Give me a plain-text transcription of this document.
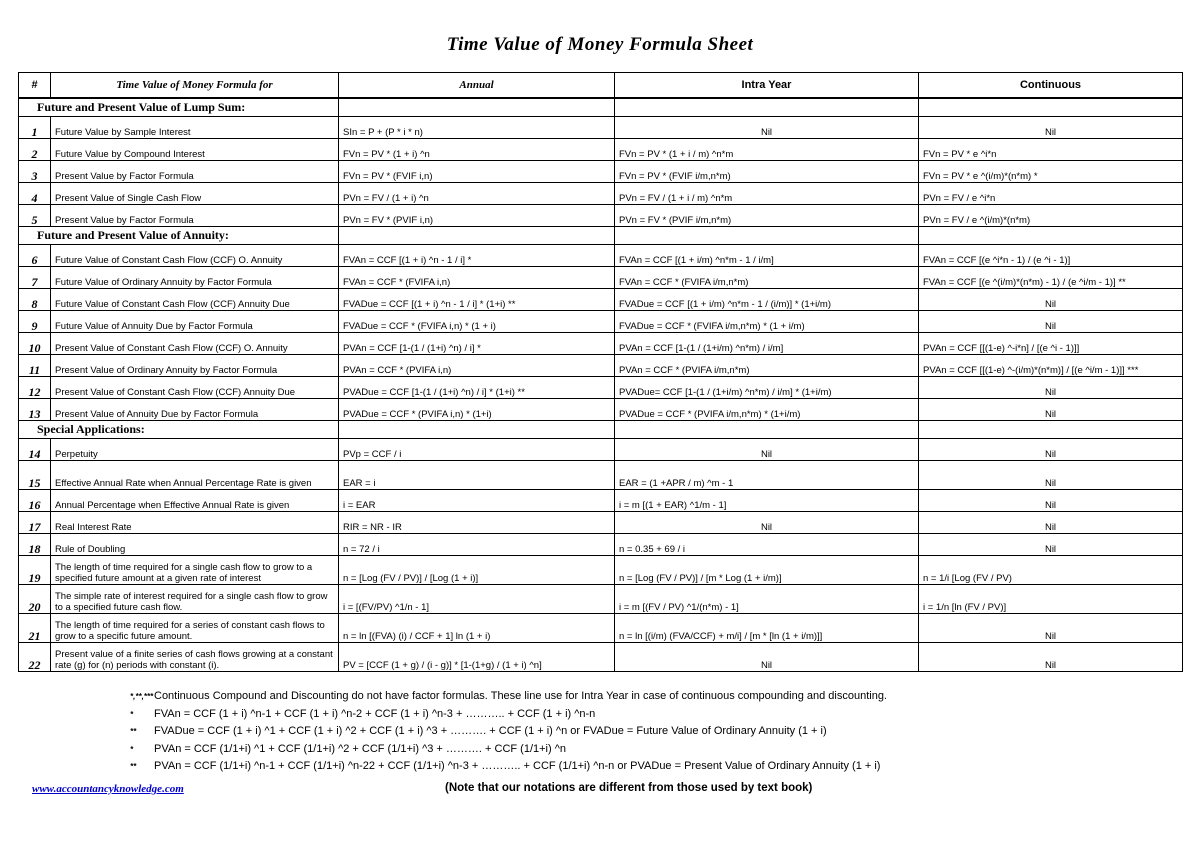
Time Value of Money Formula Sheet
#	Time Value of Money Formula for	Annual	Intra Year	Continuous
Future and Present Value of Lump Sum:				
1	Future Value by Sample Interest	SIn = P + (P * i * n)	Nil	Nil
2	Future Value by Compound Interest	FVn = PV * (1 + i) ^n	FVn = PV * (1 + i / m) ^n*m	FVn = PV * e ^i*n
3	Present Value by Factor Formula	FVn = PV * (FVIF i,n)	FVn = PV * (FVIF i/m,n*m)	FVn = PV * e ^(i/m)*(n*m) *
4	Present Value of Single Cash Flow	PVn = FV / (1 + i) ^n	PVn = FV / (1 + i / m) ^n*m	PVn = FV / e ^i*n
5	Present Value by Factor Formula	PVn = FV * (PVIF i,n)	PVn = FV * (PVIF i/m,n*m)	PVn = FV / e ^(i/m)*(n*m)
Future and Present Value of Annuity:				
6	Future Value of Constant Cash Flow (CCF) O. Annuity	FVAn = CCF [(1 + i) ^n - 1 / i] *	FVAn = CCF [(1 + i/m) ^n*m - 1 / i/m]	FVAn = CCF [(e ^i*n - 1) / (e ^i - 1)]
7	Future Value of Ordinary Annuity by Factor Formula	FVAn = CCF * (FVIFA i,n)	FVAn = CCF * (FVIFA i/m,n*m)	FVAn = CCF [(e ^(i/m)*(n*m) - 1) / (e ^i/m - 1)] **
8	Future Value of Constant Cash Flow (CCF) Annuity Due	FVADue = CCF [(1 + i) ^n - 1 / i] * (1+i) **	FVADue = CCF [(1 + i/m) ^n*m - 1 / (i/m)] * (1+i/m)	Nil
9	Future Value of Annuity Due by Factor Formula	FVADue = CCF * (FVIFA i,n) * (1 + i)	FVADue = CCF * (FVIFA i/m,n*m) * (1 + i/m)	Nil
10	Present Value of Constant Cash Flow (CCF) O. Annuity	PVAn = CCF [1-(1 / (1+i) ^n) / i] *	PVAn = CCF [1-(1 / (1+i/m) ^n*m) / i/m]	PVAn = CCF [[(1-e) ^-i*n] / [(e ^i - 1)]]
11	Present Value of Ordinary Annuity by Factor Formula	PVAn = CCF * (PVIFA i,n)	PVAn = CCF * (PVIFA i/m,n*m)	PVAn = CCF [[(1-e) ^-(i/m)*(n*m)] / [(e ^i/m - 1)]] ***
12	Present Value of Constant Cash Flow (CCF) Annuity Due	PVADue = CCF [1-(1 / (1+i) ^n) / i] * (1+i) **	PVADue= CCF [1-(1 / (1+i/m) ^n*m) / i/m] * (1+i/m)	Nil
13	Present Value of Annuity Due by Factor Formula	PVADue = CCF * (PVIFA i,n) * (1+i)	PVADue = CCF * (PVIFA i/m,n*m) * (1+i/m)	Nil
Special Applications:				
14	Perpetuity	PVp = CCF / i	Nil	Nil
15	Effective Annual Rate when Annual Percentage Rate is given	EAR = i	EAR = (1 +APR / m) ^m - 1	Nil
16	Annual Percentage when Effective Annual Rate is given	i = EAR	i = m [(1 + EAR) ^1/m - 1]	Nil
17	Real Interest Rate	RIR = NR - IR	Nil	Nil
18	Rule of Doubling	n = 72 / i	n = 0.35 + 69 / i	Nil
19	The length of time required for a single cash flow to grow to a specified future amount at a given rate of interest	n = [Log (FV / PV)] / [Log (1 + i)]	n = [Log (FV / PV)] / [m * Log (1 + i/m)]	n = 1/i [Log (FV / PV)
20	The simple rate of interest required for a single cash flow to grow to a specified future cash flow.	i = [(FV/PV) ^1/n - 1]	i = m [(FV / PV) ^1/(n*m) - 1]	i = 1/n [ln (FV / PV)]
21	The length of time required for a series of constant cash flows to grow to a specific future amount.	n = ln [(FVA) (i) / CCF + 1] ln (1 + i)	n = ln [(i/m) (FVA/CCF) + m/i] / [m * [ln (1 + i/m)]]	Nil
22	Present value of a finite series of cash flows growing at a constant rate (g) for (n) periods with constant (i).	PV = [CCF (1 + g) / (i - g)] * [1-(1+g) / (1 + i) ^n]	Nil	Nil
*,**,***Continuous Compound and Discounting do not have factor formulas. These line use for Intra Year in case of continuous compounding and discounting.
* FVAn = CCF (1 + i) ^n-1 + CCF (1 + i) ^n-2 + CCF (1 + i) ^n-3 + ……….. + CCF (1 + i) ^n-n
** FVADue = CCF (1 + i) ^1 + CCF (1 + i) ^2 + CCF (1 + i) ^3 + ………. + CCF (1 + i) ^n or FVADue = Future Value of Ordinary Annuity (1 + i)
* PVAn = CCF (1/1+i) ^1 + CCF (1/1+i) ^2 + CCF (1/1+i) ^3 + ………. + CCF (1/1+i) ^n
** PVAn = CCF (1/1+i) ^n-1 + CCF (1/1+i) ^n-22 + CCF (1/1+i) ^n-3 + ……….. + CCF (1/1+i) ^n-n or PVADue = Present Value of Ordinary Annuity (1 + i)
www.accountancyknowledge.com	(Note that our notations are different from those used by text book)
